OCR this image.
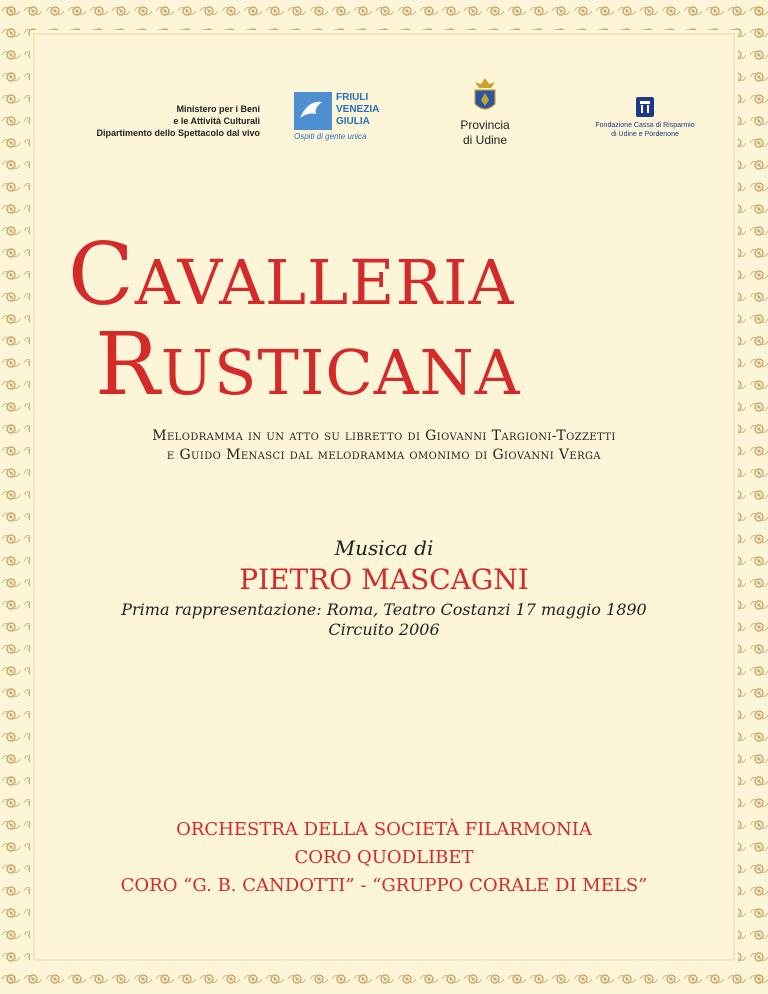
Ministero per i Beni
e le Attività Culturali
Dipartimento dello Spettacolo dal vivo
FRIULI
VENEZIA
GIULIA
Ospiti di gente unica
Provincia
di Udine
Fondazione Cassa di Risparmio
di Udine e Pordenone
CAVALLERIA
RUSTICANA
Melodramma in un atto su libretto di Giovanni Targioni-Tozzetti
e Guido Menasci dal melodramma omonimo di Giovanni Verga
Musica di
PIETRO MASCAGNI
Prima rappresentazione: Roma, Teatro Costanzi 17 maggio 1890
Circuito 2006
ORCHESTRA DELLA SOCIETÀ FILARMONIA
CORO QUODLIBET
CORO “G. B. CANDOTTI” - “GRUPPO CORALE DI MELS”
